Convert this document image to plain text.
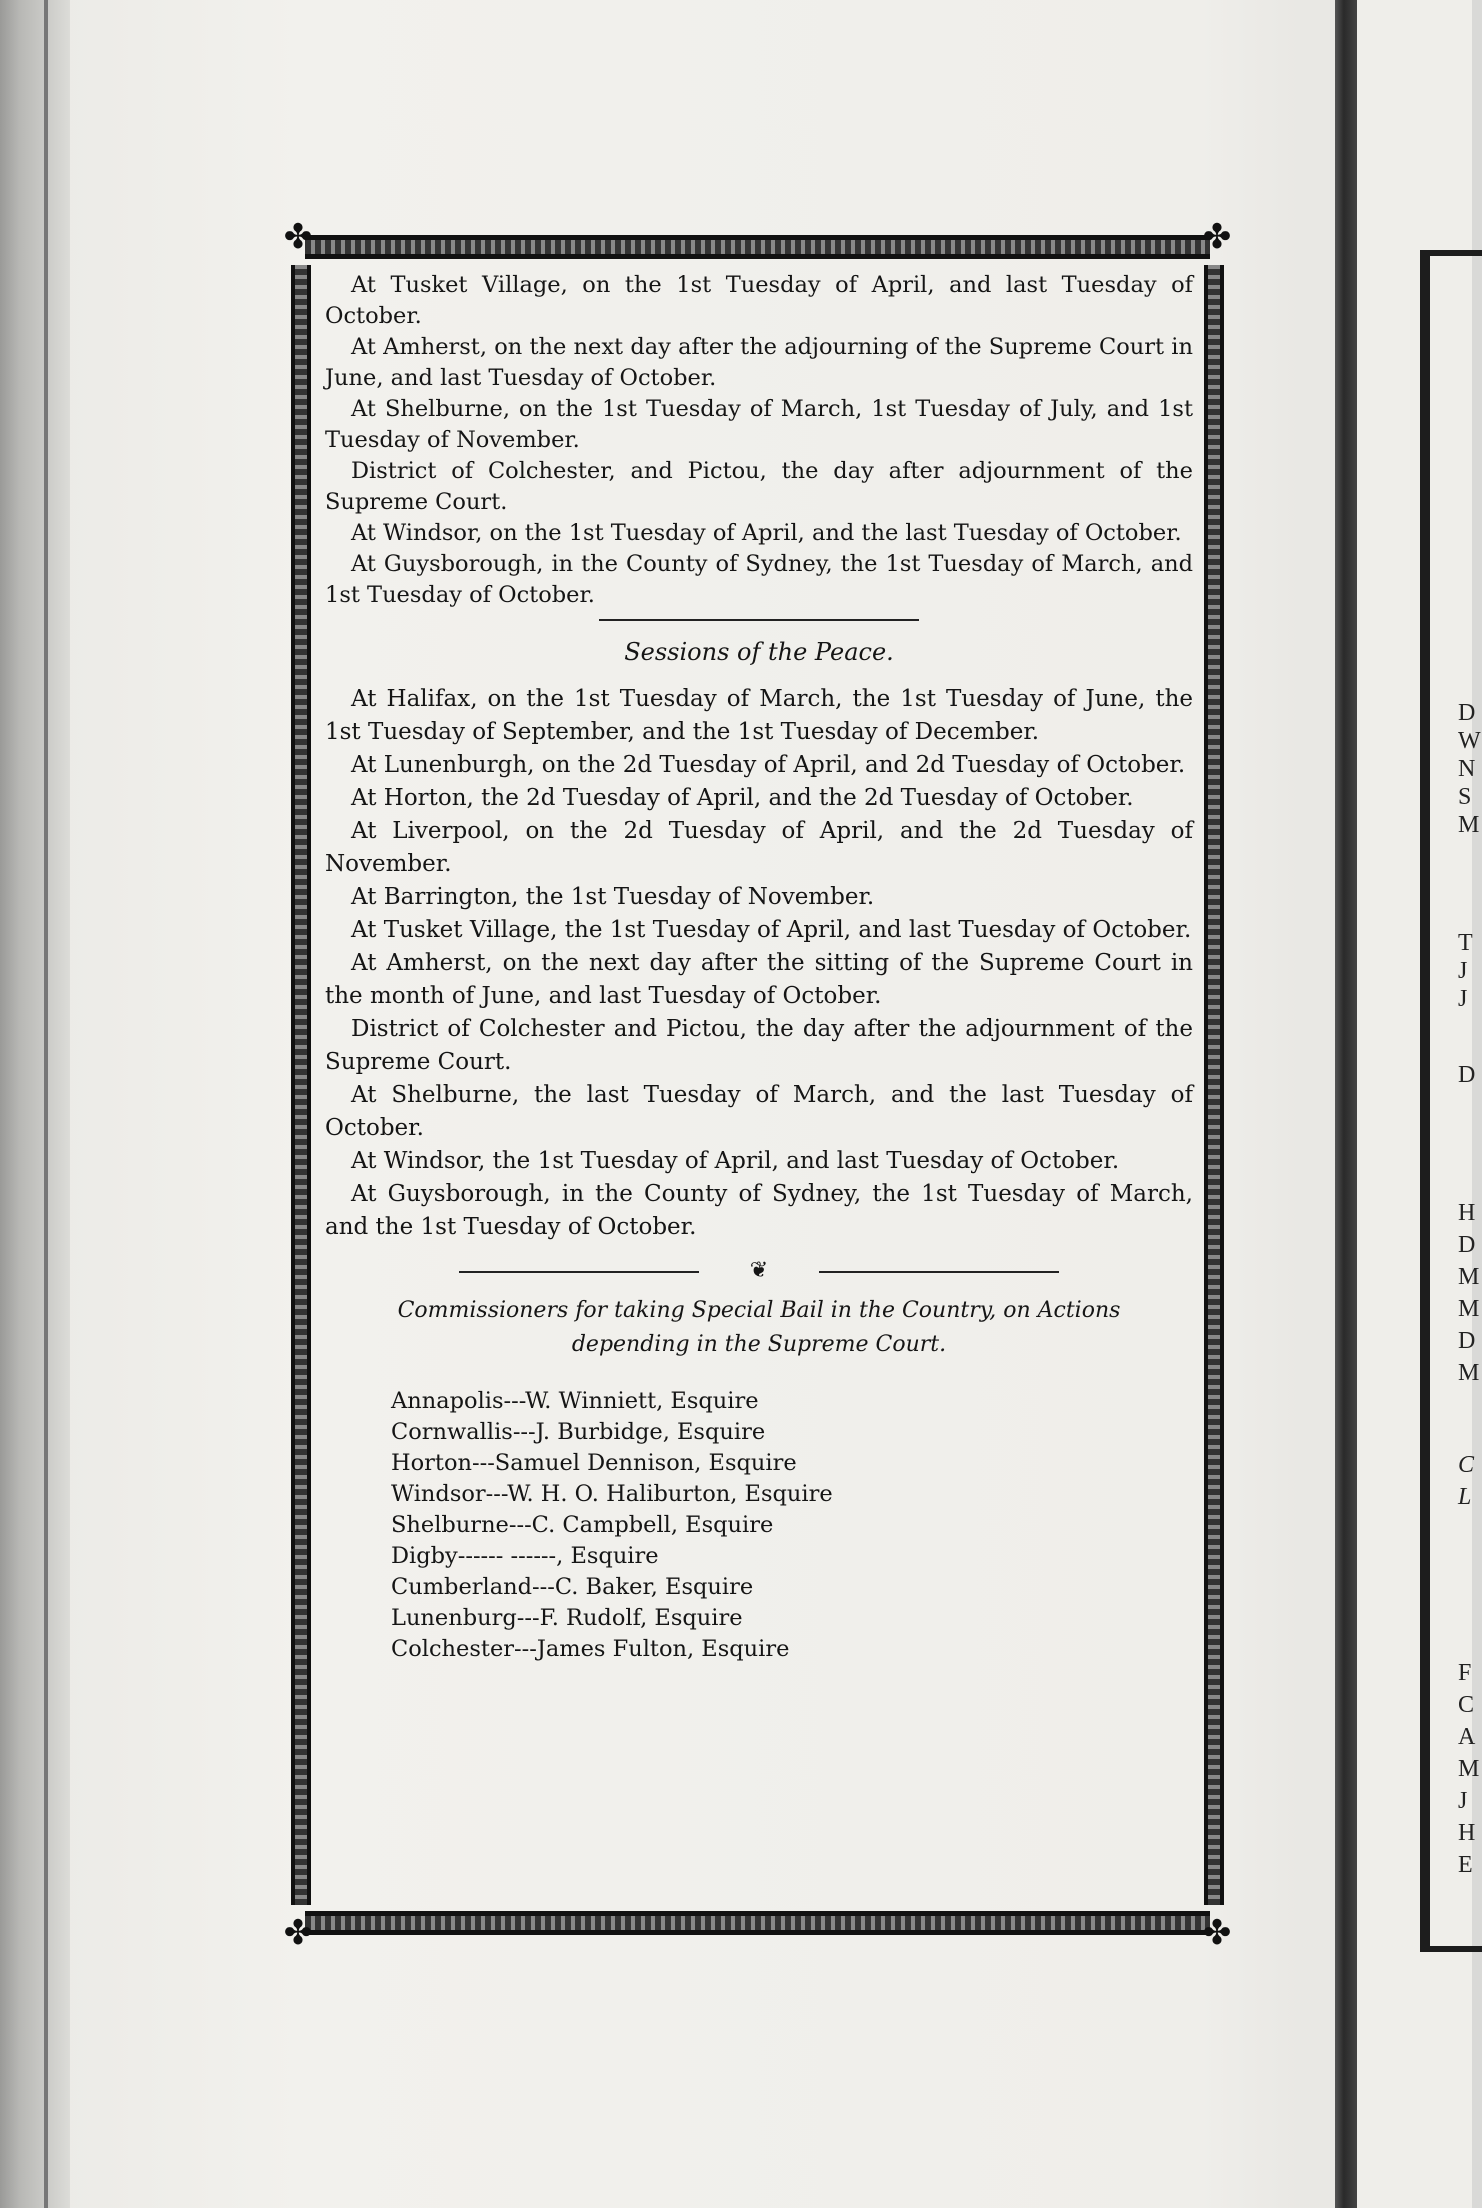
✤	✤
✤	✤

At Tusket Village, on the 1st Tuesday of April, and last Tuesday of October.

At Amherst, on the next day after the adjourning of the Supreme Court in June, and last Tuesday of October.

At Shelburne, on the 1st Tuesday of March, 1st Tuesday of July, and 1st Tuesday of November.

District of Colchester, and Pictou, the day after adjournment of the Supreme Court.

At Windsor, on the 1st Tuesday of April, and the last Tuesday of October.

At Guysborough, in the County of Sydney, the 1st Tuesday of March, and 1st Tuesday of October.

Sessions of the Peace.

At Halifax, on the 1st Tuesday of March, the 1st Tuesday of June, the 1st Tuesday of September, and the 1st Tuesday of December.

At Lunenburgh, on the 2d Tuesday of April, and 2d Tuesday of October.

At Horton, the 2d Tuesday of April, and the 2d Tuesday of October.

At Liverpool, on the 2d Tuesday of April, and the 2d Tuesday of November.

At Barrington, the 1st Tuesday of November.

At Tusket Village, the 1st Tuesday of April, and last Tuesday of October.

At Amherst, on the next day after the sitting of the Supreme Court in the month of June, and last Tuesday of October.

District of Colchester and Pictou, the day after the adjournment of the Supreme Court.

At Shelburne, the last Tuesday of March, and the last Tuesday of October.

At Windsor, the 1st Tuesday of April, and last Tuesday of October.

At Guysborough, in the County of Sydney, the 1st Tuesday of March, and the 1st Tuesday of October.

❦

Commissioners for taking Special Bail in the Country, on Actions
depending in the Supreme Court.

Annapolis---W. Winniett, Esquire
Cornwallis---J. Burbidge, Esquire
Horton---Samuel Dennison, Esquire
Windsor---W. H. O. Haliburton, Esquire
Shelburne---C. Campbell, Esquire
Digby------ ------, Esquire
Cumberland---C. Baker, Esquire
Lunenburg---F. Rudolf, Esquire
Colchester---James Fulton, Esquire
D
W
N
S
M
T
J
J
D
H
D
M
M
D
M
C
L
F
C
A
M
J
H
E
